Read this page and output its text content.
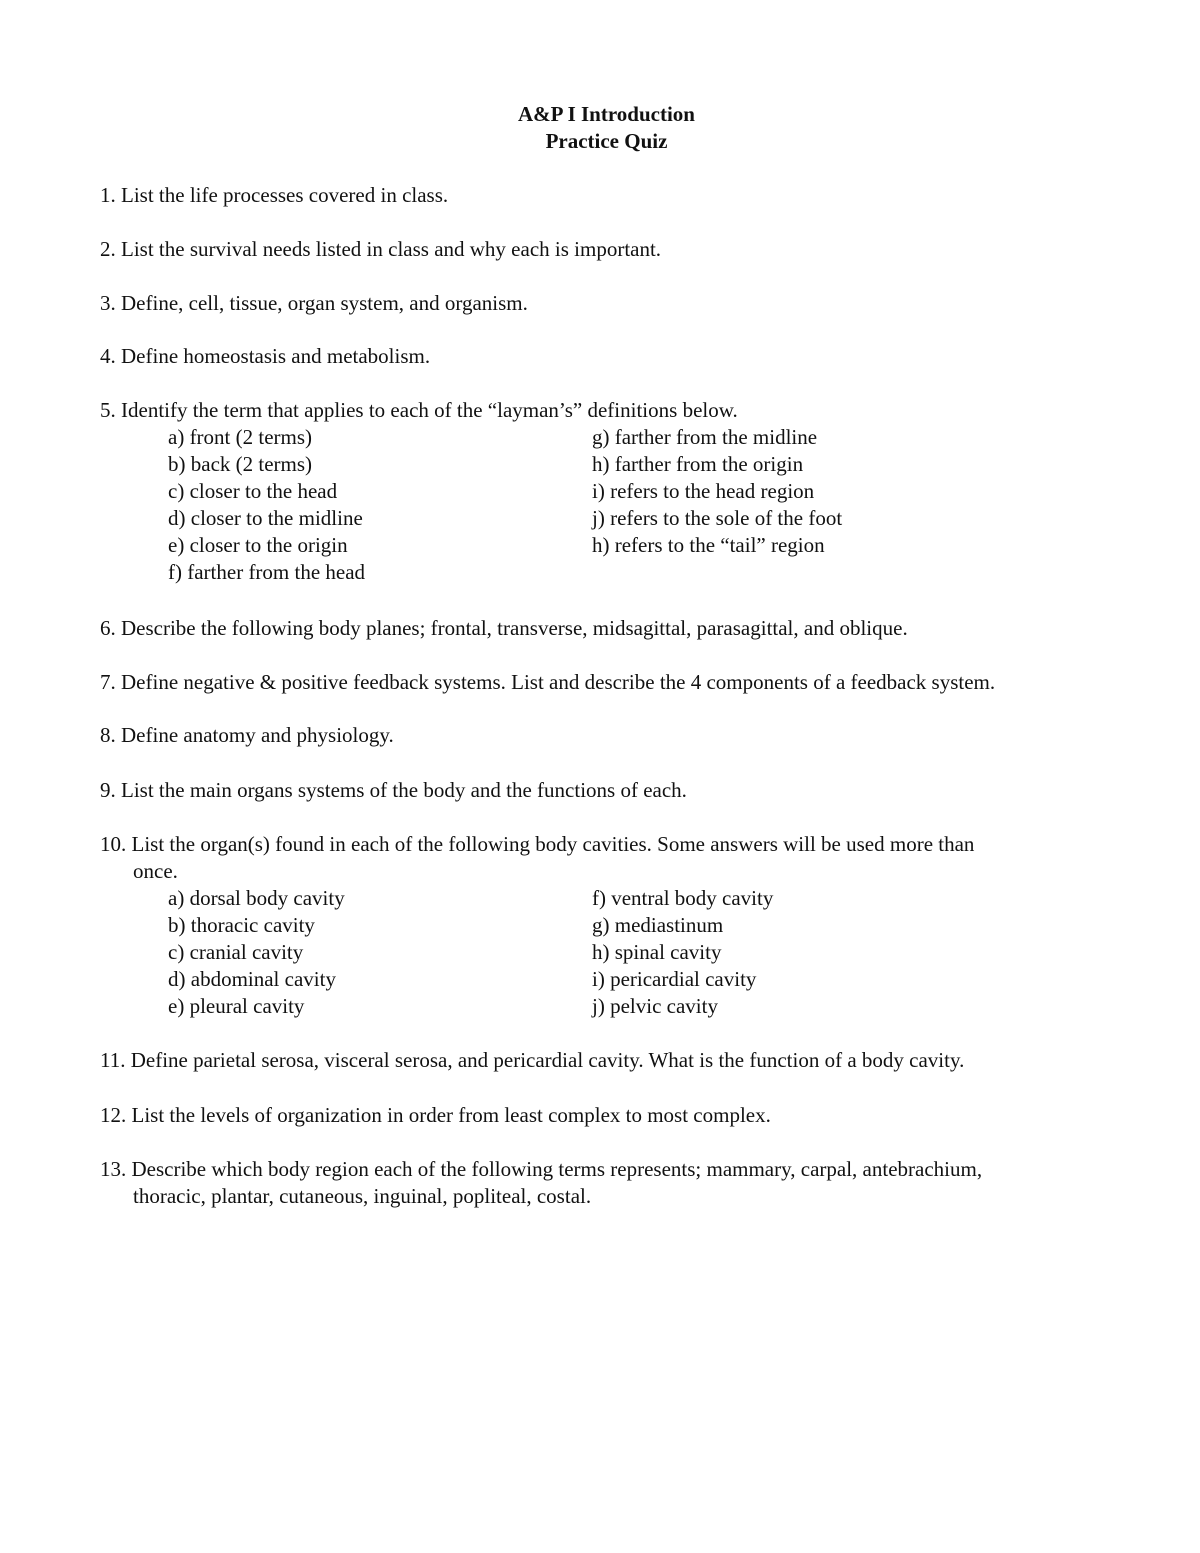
A&P I Introduction
Practice Quiz
1. List the life processes covered in class.
2. List the survival needs listed in class and why each is important.
3. Define, cell, tissue, organ system, and organism.
4. Define homeostasis and metabolism.
5. Identify the term that applies to each of the “layman’s” definitions below.
a) front (2 terms)
b) back (2 terms)
c) closer to the head
d) closer to the midline
e) closer to the origin
f) farther from the head
g) farther from the midline
h) farther from the origin
i) refers to the head region
j) refers to the sole of the foot
h) refers to the “tail” region
6. Describe the following body planes; frontal, transverse, midsagittal, parasagittal, and oblique.
7. Define negative & positive feedback systems. List and describe the 4 components of a feedback system.
8. Define anatomy and physiology.
9. List the main organs systems of the body and the functions of each.
10. List the organ(s) found in each of the following body cavities. Some answers will be used more than
once.
a) dorsal body cavity
b) thoracic cavity
c) cranial cavity
d) abdominal cavity
e) pleural cavity
f) ventral body cavity
g) mediastinum
h) spinal cavity
i) pericardial cavity
j) pelvic cavity
11. Define parietal serosa, visceral serosa, and pericardial cavity. What is the function of a body cavity.
12. List the levels of organization in order from least complex to most complex.
13. Describe which body region each of the following terms represents; mammary, carpal, antebrachium,
thoracic, plantar, cutaneous, inguinal, popliteal, costal.
